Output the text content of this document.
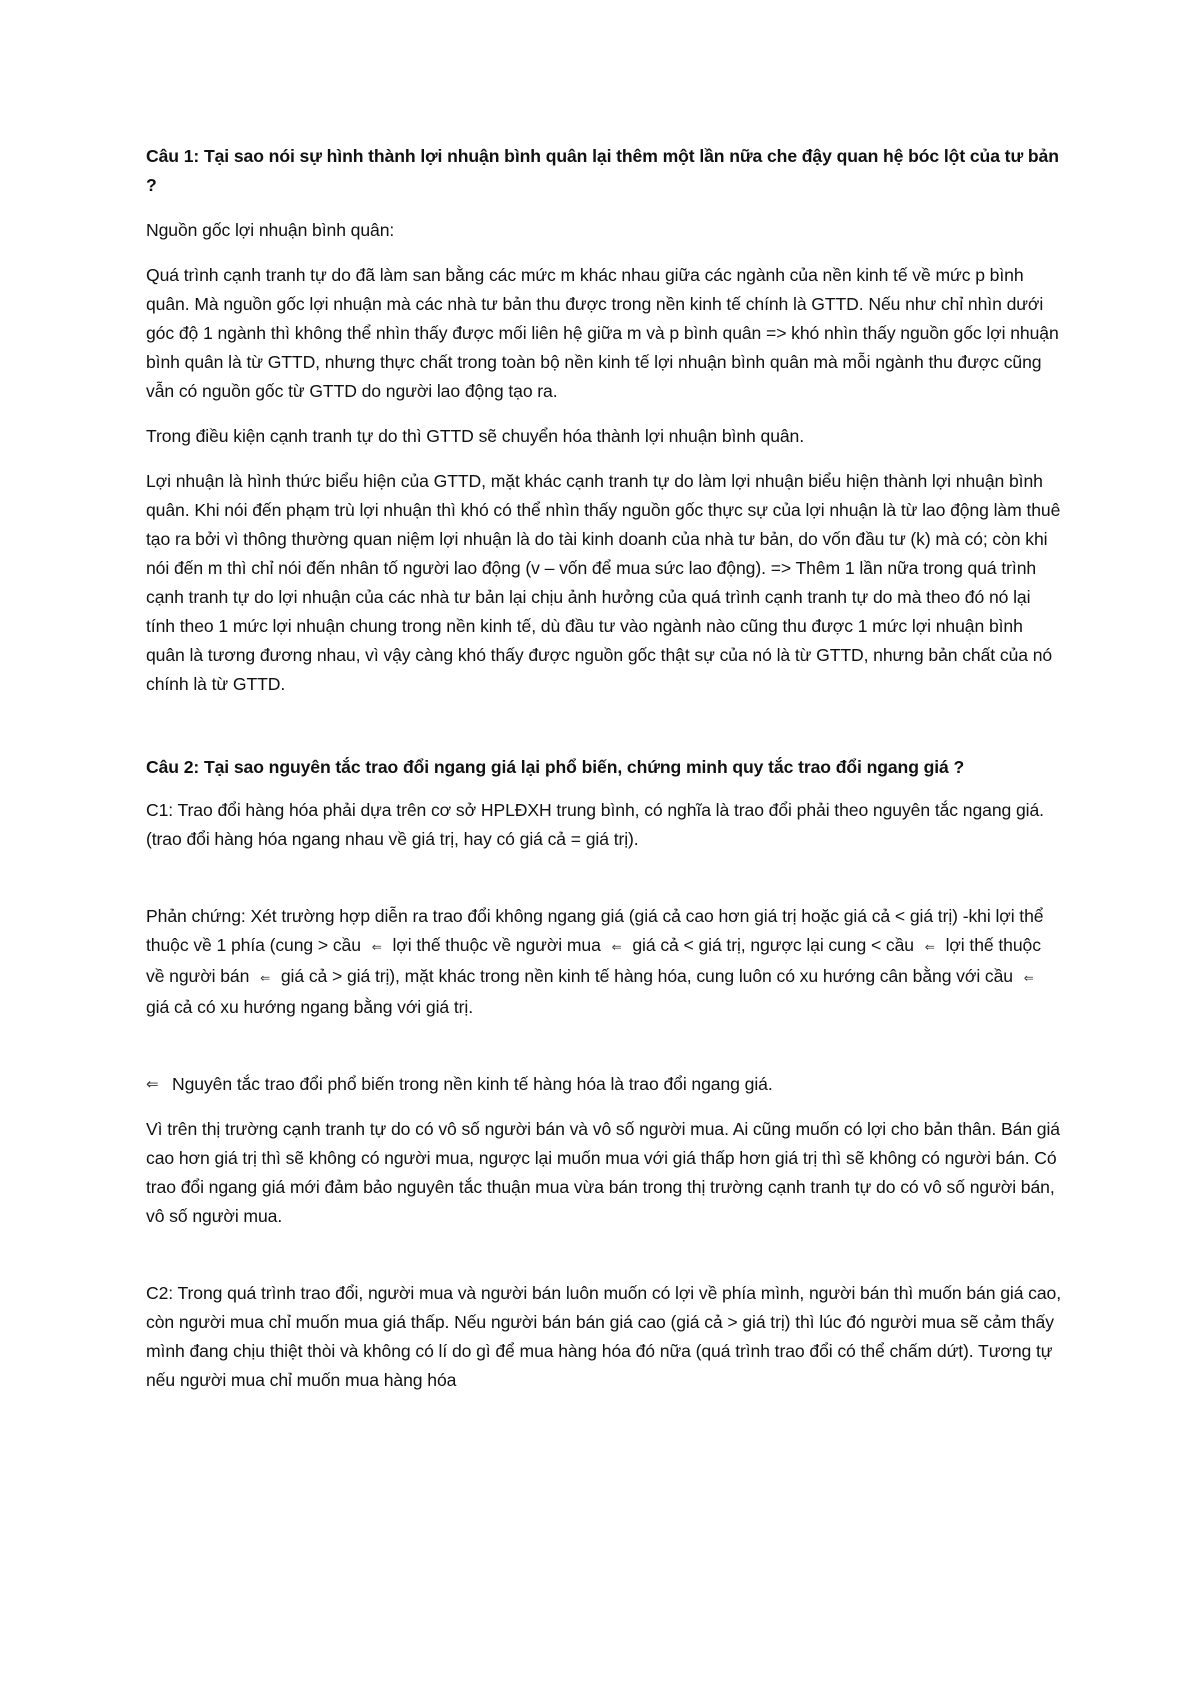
Câu 1: Tại sao nói sự hình thành lợi nhuận bình quân lại thêm một lần nữa che đậy quan hệ bóc lột của tư bản ?

Nguồn gốc lợi nhuận bình quân:

Quá trình cạnh tranh tự do đã làm san bằng các mức m khác nhau giữa các ngành của nền kinh tế về mức p bình quân. Mà nguồn gốc lợi nhuận mà các nhà tư bản thu được trong nền kinh tế chính là GTTD. Nếu như chỉ nhìn dưới góc độ 1 ngành thì không thể nhìn thấy được mối liên hệ giữa m và p bình quân => khó nhìn thấy nguồn gốc lợi nhuận bình quân là từ GTTD, nhưng thực chất trong toàn bộ nền kinh tế lợi nhuận bình quân mà mỗi ngành thu được cũng vẫn có nguồn gốc từ GTTD do người lao động tạo ra.

Trong điều kiện cạnh tranh tự do thì GTTD sẽ chuyển hóa thành lợi nhuận bình quân.

Lợi nhuận là hình thức biểu hiện của GTTD, mặt khác cạnh tranh tự do làm lợi nhuận biểu hiện thành lợi nhuận bình quân. Khi nói đến phạm trù lợi nhuận thì khó có thể nhìn thấy nguồn gốc thực sự của lợi nhuận là từ lao động làm thuê tạo ra bởi vì thông thường quan niệm lợi nhuận là do tài kinh doanh của nhà tư bản, do vốn đầu tư (k) mà có; còn khi nói đến m thì chỉ nói đến nhân tố người lao động (v – vốn để mua sức lao động). => Thêm 1 lần nữa trong quá trình cạnh tranh tự do lợi nhuận của các nhà tư bản lại chịu ảnh hưởng của quá trình cạnh tranh tự do mà theo đó nó lại tính theo 1 mức lợi nhuận chung trong nền kinh tế, dù đầu tư vào ngành nào cũng thu được 1 mức lợi nhuận bình quân là tương đương nhau, vì vậy càng khó thấy được nguồn gốc thật sự của nó là từ GTTD, nhưng bản chất của nó chính là từ GTTD.

Câu 2: Tại sao nguyên tắc trao đổi ngang giá lại phổ biến, chứng minh quy tắc trao đổi ngang giá ?

C1: Trao đổi hàng hóa phải dựa trên cơ sở HPLĐXH trung bình, có nghĩa là trao đổi phải theo nguyên tắc ngang giá. (trao đổi hàng hóa ngang nhau về giá trị, hay có giá cả = giá trị).

Phản chứng: Xét trường hợp diễn ra trao đổi không ngang giá (giá cả cao hơn giá trị hoặc giá cả < giá trị) -khi lợi thể thuộc về 1 phía (cung > cầu ⇐ lợi thế thuộc về người mua ⇐ giá cả < giá trị, ngược lại cung < cầu ⇐ lợi thế thuộc về người bán ⇐ giá cả > giá trị), mặt khác trong nền kinh tế hàng hóa, cung luôn có xu hướng cân bằng với cầu ⇐ giá cả có xu hướng ngang bằng với giá trị.

⇐ Nguyên tắc trao đổi phổ biến trong nền kinh tế hàng hóa là trao đổi ngang giá.

Vì trên thị trường cạnh tranh tự do có vô số người bán và vô số người mua. Ai cũng muốn có lợi cho bản thân. Bán giá cao hơn giá trị thì sẽ không có người mua, ngược lại muốn mua với giá thấp hơn giá trị thì sẽ không có người bán. Có trao đổi ngang giá mới đảm bảo nguyên tắc thuận mua vừa bán trong thị trường cạnh tranh tự do có vô số người bán, vô số người mua.

C2: Trong quá trình trao đổi, người mua và người bán luôn muốn có lợi về phía mình, người bán thì muốn bán giá cao, còn người mua chỉ muốn mua giá thấp. Nếu người bán bán giá cao (giá cả > giá trị) thì lúc đó người mua sẽ cảm thấy mình đang chịu thiệt thòi và không có lí do gì để mua hàng hóa đó nữa (quá trình trao đổi có thể chấm dứt). Tương tự nếu người mua chỉ muốn mua hàng hóa
